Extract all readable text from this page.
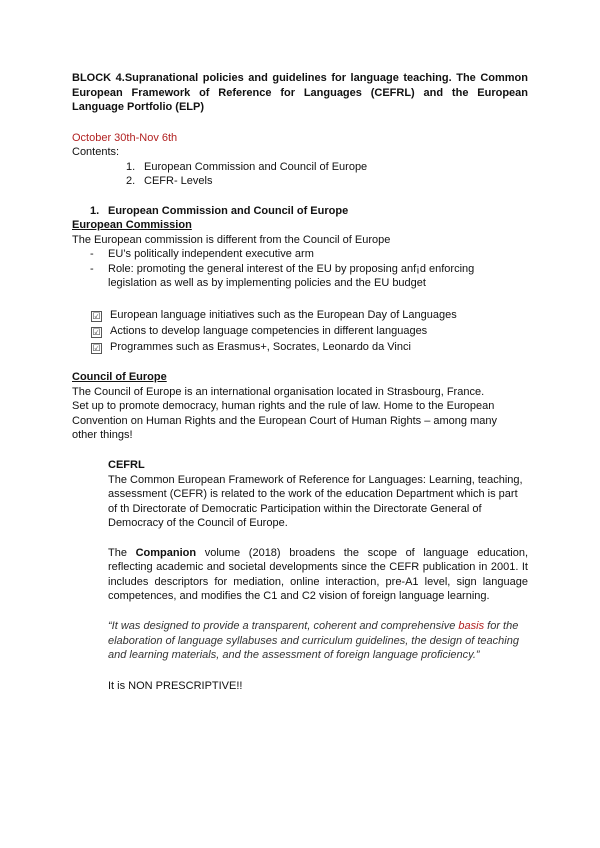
BLOCK 4.Supranational policies and guidelines for language teaching. The Common
European Framework of Reference for Languages (CEFRL) and the European
Language Portfolio (ELP)
October 30th-Nov 6th
Contents:
1. European Commission and Council of Europe
2. CEFR- Levels
1. European Commission and Council of Europe
European Commission
The European commission is different from the Council of Europe
- EU’s politically independent executive arm
- Role: promoting the general interest of the EU by proposing anf¡d enforcing
legislation as well as by implementing policies and the EU budget
☑ European language initiatives such as the European Day of Languages
☑ Actions to develop language competencies in different languages
☑ Programmes such as Erasmus+, Socrates, Leonardo da Vinci
Council of Europe
The Council of Europe is an international organisation located in Strasbourg, France.
Set up to promote democracy, human rights and the rule of law. Home to the European
Convention on Human Rights and the European Court of Human Rights – among many
other things!
CEFRL
The Common European Framework of Reference for Languages: Learning, teaching,
assessment (CEFR) is related to the work of the education Department which is part
of th Directorate of Democratic Participation within the Directorate General of
Democracy of the Council of Europe.
The Companion volume (2018) broadens the scope of language education,
reflecting academic and societal developments since the CEFR publication in 2001. It
includes descriptors for mediation, online interaction, pre-A1 level, sign language
competences, and modifies the C1 and C2 vision of foreign language learning.
“It was designed to provide a transparent, coherent and comprehensive basis for the
elaboration of language syllabuses and curriculum guidelines, the design of teaching
and learning materials, and the assessment of foreign language proficiency.”
It is NON PRESCRIPTIVE!!
